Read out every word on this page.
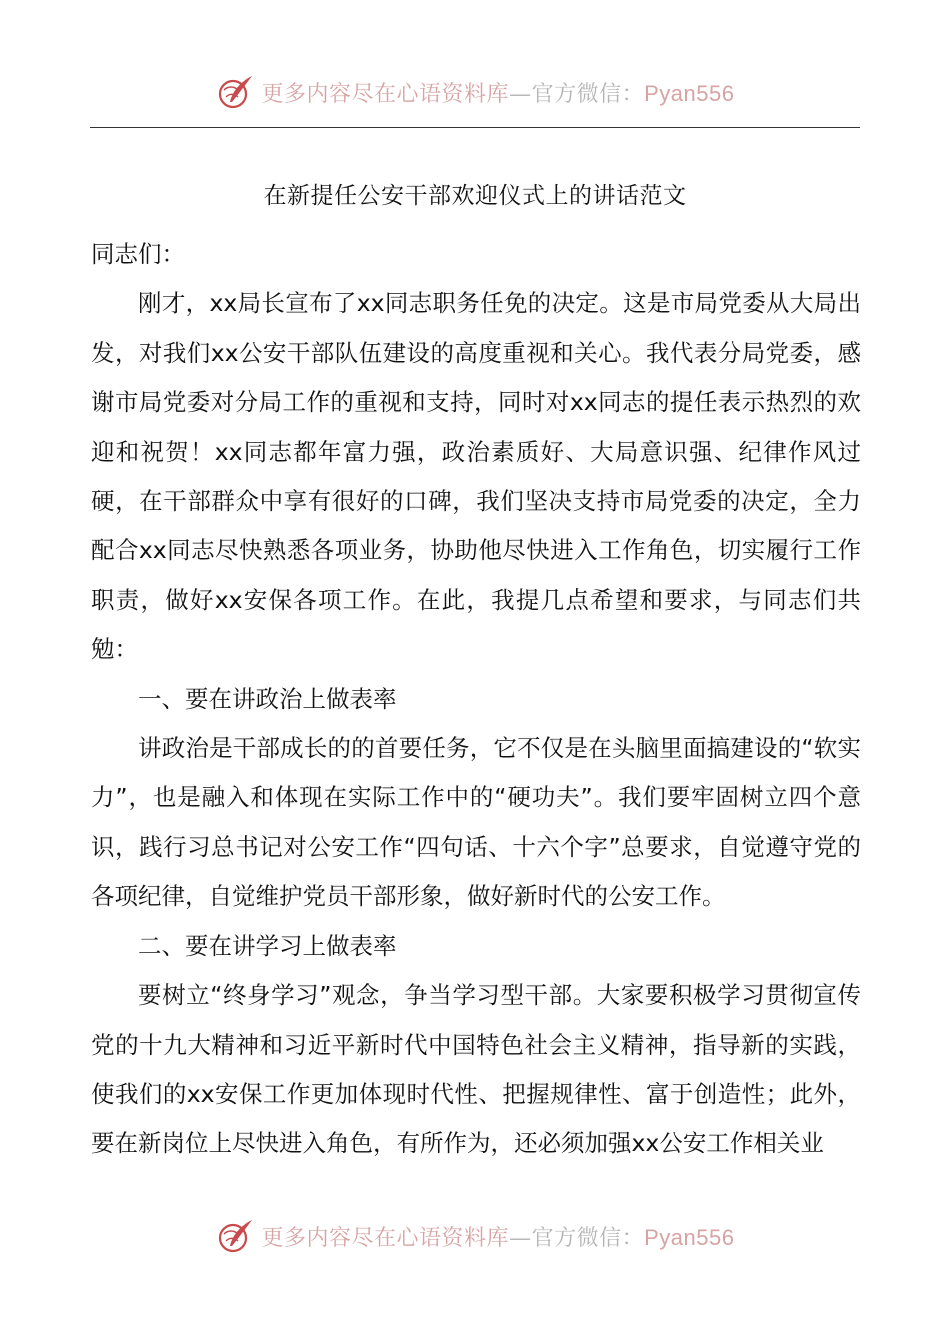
更多内容尽在心语资料库—官方微信：Pyan556
在新提任公安干部欢迎仪式上的讲话范文

同志们：

刚才，xx局长宣布了xx同志职务任免的决定。这是市局党委从大局出发，对我们xx公安干部队伍建设的高度重视和关心。我代表分局党委，感谢市局党委对分局工作的重视和支持，同时对xx同志的提任表示热烈的欢迎和祝贺！xx同志都年富力强，政治素质好、大局意识强、纪律作风过硬，在干部群众中享有很好的口碑，我们坚决支持市局党委的决定，全力配合xx同志尽快熟悉各项业务，协助他尽快进入工作角色，切实履行工作职责，做好xx安保各项工作。在此，我提几点希望和要求，与同志们共勉：

一、要在讲政治上做表率

讲政治是干部成长的的首要任务，它不仅是在头脑里面搞建设的“软实力”，也是融入和体现在实际工作中的“硬功夫”。我们要牢固树立四个意识，践行习总书记对公安工作“四句话、十六个字”总要求，自觉遵守党的各项纪律，自觉维护党员干部形象，做好新时代的公安工作。

二、要在讲学习上做表率

要树立“终身学习”观念，争当学习型干部。大家要积极学习贯彻宣传党的十九大精神和习近平新时代中国特色社会主义精神，指导新的实践，使我们的xx安保工作更加体现时代性、把握规律性、富于创造性；此外，要在新岗位上尽快进入角色，有所作为，还必须加强xx公安工作相关业

更多内容尽在心语资料库—官方微信：Pyan556
